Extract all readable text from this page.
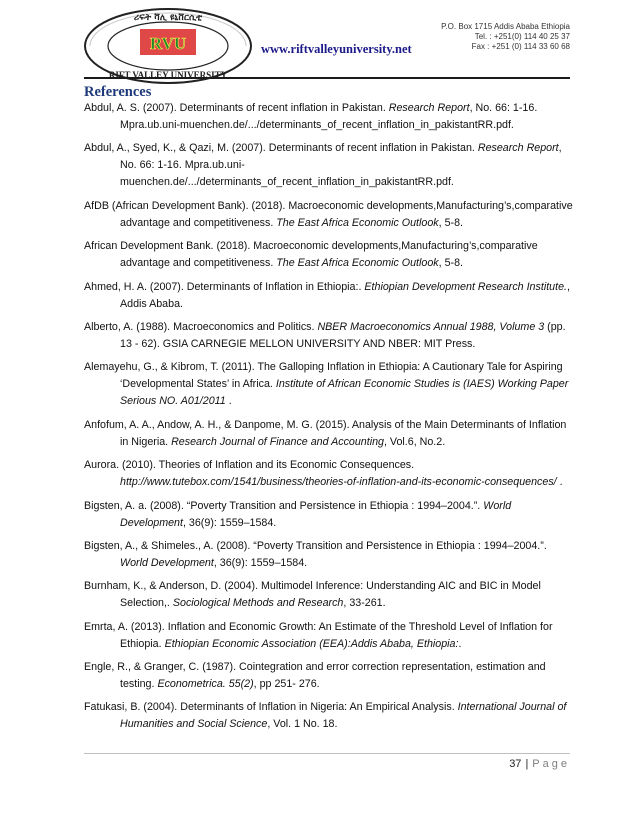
ሪፍት ቫሊ ዩኒቨርሲቲ
RVU
RIFT VALLEY UNIVERSITY
www.riftvalleyuniversity.net
P.O. Box 1715 Addis Ababa Ethiopia
Tel. : +251(0) 114 40 25 37
Fax : +251 (0) 114 33 60 68
References
Abdul, A. S. (2007). Determinants of recent inflation in Pakistan. Research Report, No. 66: 1-16. Mpra.ub.uni-muenchen.de/.../determinants_of_recent_inflation_in_pakistantRR.pdf.
Abdul, A., Syed, K., & Qazi, M. (2007). Determinants of recent inflation in Pakistan. Research Report, No. 66: 1-16. Mpra.ub.uni-muenchen.de/.../determinants_of_recent_inflation_in_pakistantRR.pdf.
AfDB (African Development Bank). (2018). Macroeconomic developments,Manufacturing’s,comparative advantage and competitiveness. The East Africa Economic Outlook, 5-8.
African Development Bank. (2018). Macroeconomic developments,Manufacturing’s,comparative advantage and competitiveness. The East Africa Economic Outlook, 5-8.
Ahmed, H. A. (2007). Determinants of Inflation in Ethiopia:. Ethiopian Development Research Institute., Addis Ababa.
Alberto, A. (1988). Macroeconomics and Politics. NBER Macroeconomics Annual 1988, Volume 3 (pp. 13 - 62). GSIA CARNEGIE MELLON UNIVERSITY AND NBER: MIT Press.
Alemayehu, G., & Kibrom, T. (2011). The Galloping Inflation in Ethiopia: A Cautionary Tale for Aspiring ‘Developmental States’ in Africa. Institute of African Economic Studies is (IAES) Working Paper Serious NO. A01/2011 .
Anfofum, A. A., Andow, A. H., & Danpome, M. G. (2015). Analysis of the Main Determinants of Inflation in Nigeria. Research Journal of Finance and Accounting, Vol.6, No.2.
Aurora. (2010). Theories of Inflation and its Economic Consequences. http://www.tutebox.com/1541/business/theories-of-inflation-and-its-economic-consequences/ .
Bigsten, A. a. (2008). “Poverty Transition and Persistence in Ethiopia : 1994–2004.”. World Development, 36(9): 1559–1584.
Bigsten, A., & Shimeles., A. (2008). “Poverty Transition and Persistence in Ethiopia : 1994–2004.”. World Development, 36(9): 1559–1584.
Burnham, K., & Anderson, D. (2004). Multimodel Inference: Understanding AIC and BIC in Model Selection,. Sociological Methods and Research, 33-261.
Emrta, A. (2013). Inflation and Economic Growth: An Estimate of the Threshold Level of Inflation for Ethiopia. Ethiopian Economic Association (EEA):Addis Ababa, Ethiopia:.
Engle, R., & Granger, C. (1987). Cointegration and error correction representation, estimation and testing. Econometrica. 55(2), pp 251- 276.
Fatukasi, B. (2004). Determinants of Inflation in Nigeria: An Empirical Analysis. International Journal of Humanities and Social Science, Vol. 1 No. 18.
37 | Page
